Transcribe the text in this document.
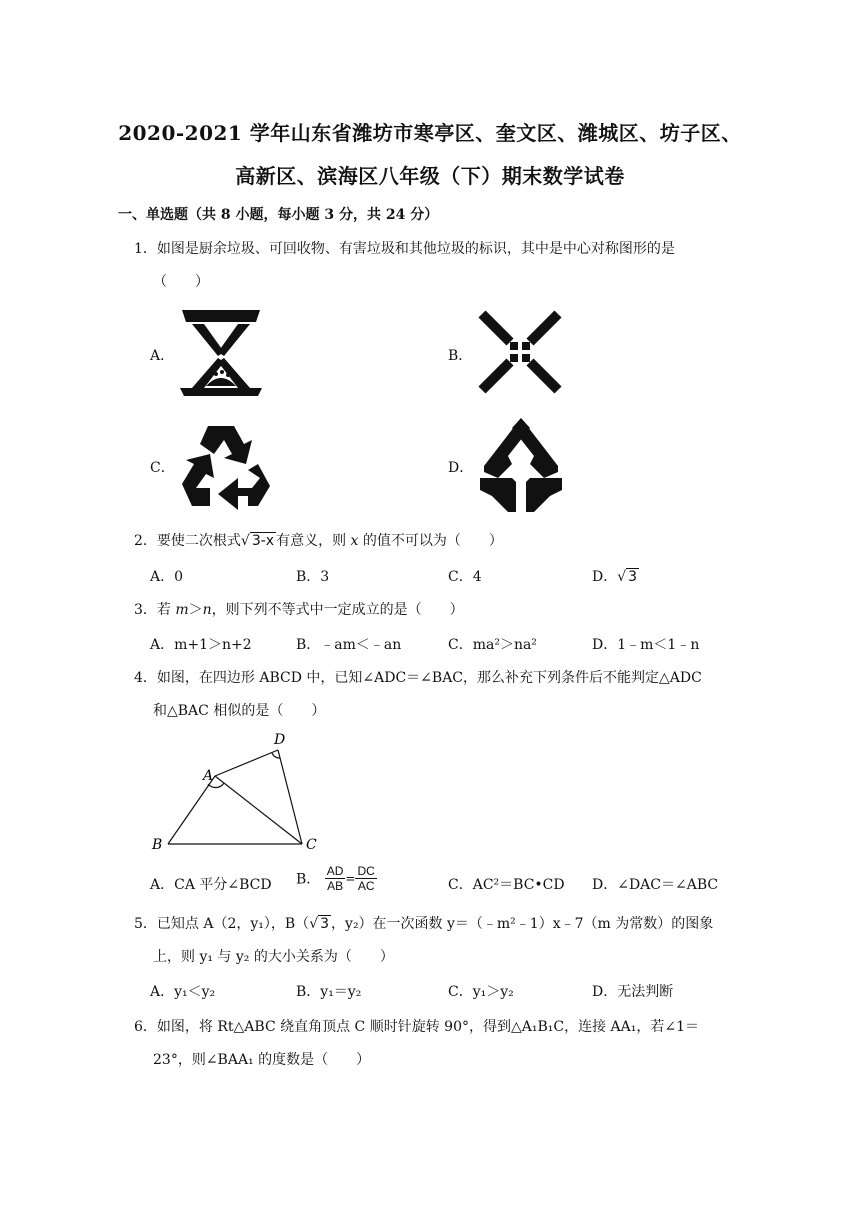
2020-2021 学年山东省潍坊市寒亭区、奎文区、潍城区、坊子区、
高新区、滨海区八年级（下）期末数学试卷
一、单选题（共 8 小题，每小题 3 分，共 24 分）
1．如图是厨余垃圾、可回收物、有害垃圾和其他垃圾的标识，其中是中心对称图形的是
（　　）
A．	B．
C．	D．
2．要使二次根式√ 3-x 有意义，则 x 的值不可以为（　　）
A．0	B．3	C．4	D．√ 3
3．若 m＞n，则下列不等式中一定成立的是（　　）
A．m+1＞n+2	B．﹣am＜﹣an	C．ma²＞na²	D．1﹣m＜1﹣n
4．如图，在四边形 ABCD 中，已知∠ADC＝∠BAC，那么补充下列条件后不能判定△ADC
和△BAC 相似的是（　　）
A
B	C
D
A．CA 平分∠BCD B． $\frac{AD}{AB} = \frac{DC}{AC}$	C．AC²＝BC•CD D．∠DAC＝∠ABC
5．已知点 A（2，y₁），B（√ 3 ，y₂）在一次函数 y＝（﹣m²﹣1）x﹣7（m 为常数）的图象
上，则 y₁ 与 y₂ 的大小关系为（　　）
A．y₁＜y₂	B．y₁＝y₂	C．y₁＞y₂	D．无法判断
6．如图，将 Rt△ABC 绕直角顶点 C 顺时针旋转 90°，得到△A₁B₁C，连接 AA₁，若∠1＝
23°，则∠BAA₁ 的度数是（　　）
